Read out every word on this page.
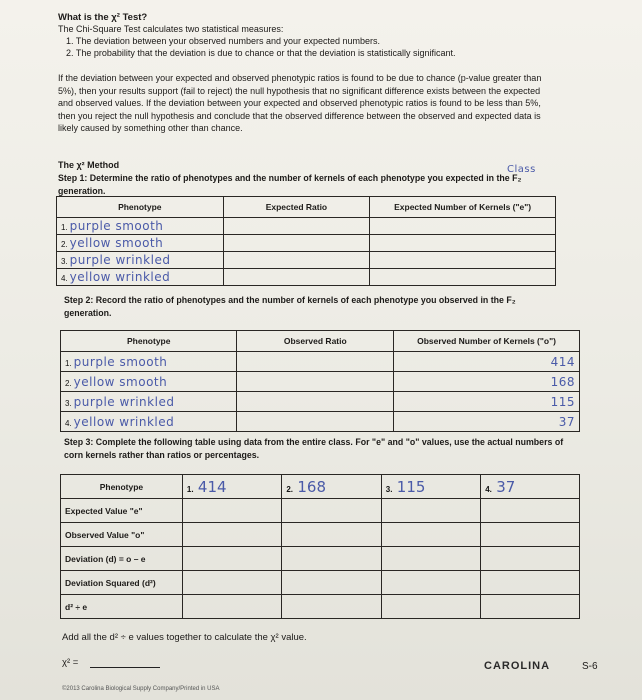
What is the χ² Test?
The Chi-Square Test calculates two statistical measures:
1. The deviation between your observed numbers and your expected numbers.
2. The probability that the deviation is due to chance or that the deviation is statistically significant.
If the deviation between your expected and observed phenotypic ratios is found to be due to chance (p-value greater than 5%), then your results support (fail to reject) the null hypothesis that no significant difference exists between the expected and observed values. If the deviation between your expected and observed phenotypic ratios is found to be less than 5%, then you reject the null hypothesis and conclude that the observed difference between the observed and expected data is likely caused by something other than chance.
The χ² Method
Step 1: Determine the ratio of phenotypes and the number of kernels of each phenotype you expected in the F₂ generation.
Class
Phenotype	Expected Ratio	Expected Number of Kernels ("e")
1. purple smooth		
2. yellow smooth		
3. purple wrinkled		
4. yellow wrinkled		
Step 2: Record the ratio of phenotypes and the number of kernels of each phenotype you observed in the F₂ generation.
Phenotype	Observed Ratio	Observed Number of Kernels ("o")
1. purple smooth		414
2. yellow smooth		168
3. purple wrinkled		115
4. yellow wrinkled		37
Step 3: Complete the following table using data from the entire class. For "e" and "o" values, use the actual numbers of corn kernels rather than ratios or percentages.
Phenotype	1. 414	2. 168	3. 115	4. 37
Expected Value "e"				
Observed Value "o"				
Deviation (d) = o – e				
Deviation Squared (d²)				
d² ÷ e				
Add all the d² ÷ e values together to calculate the χ² value.
χ² =
©2013 Carolina Biological Supply Company/Printed in USA
CAROLINA	S-6
